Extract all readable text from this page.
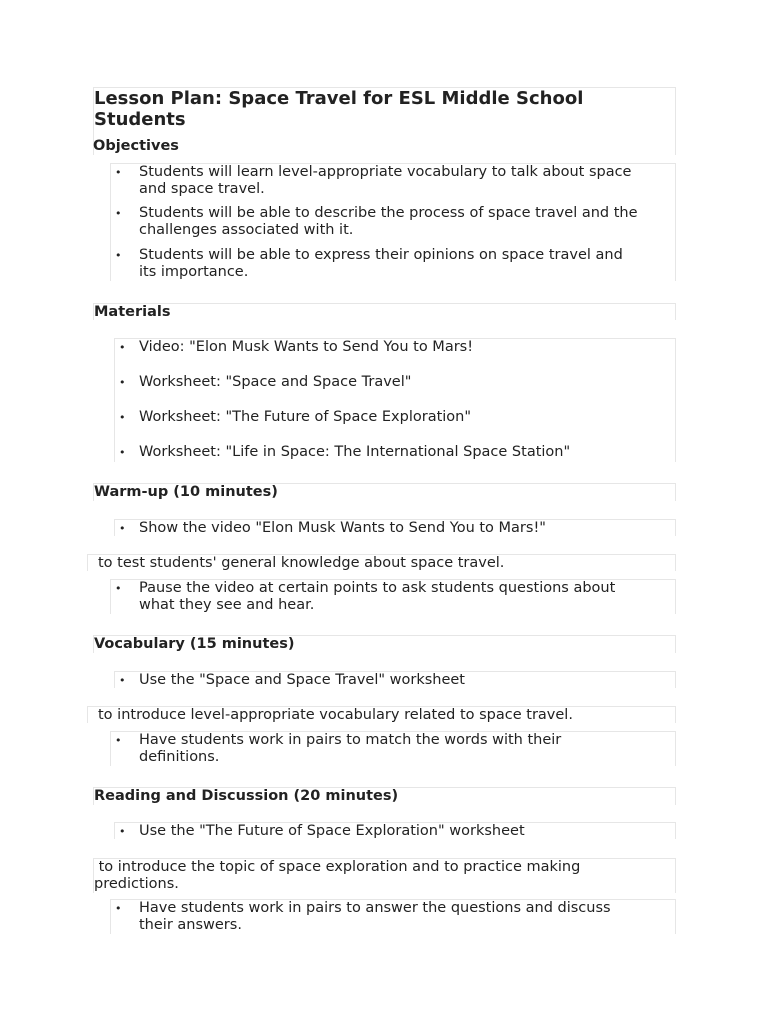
Lesson Plan: Space Travel for ESL Middle School
Students
Objectives
• Students will learn level-appropriate vocabulary to talk about space
and space travel.
• Students will be able to describe the process of space travel and the
challenges associated with it.
• Students will be able to express their opinions on space travel and
its importance.
Materials
• Video: "Elon Musk Wants to Send You to Mars!
• Worksheet: "Space and Space Travel"
• Worksheet: "The Future of Space Exploration"
• Worksheet: "Life in Space: The International Space Station"
Warm-up (10 minutes)
• Show the video "Elon Musk Wants to Send You to Mars!"
to test students' general knowledge about space travel.
• Pause the video at certain points to ask students questions about
what they see and hear.
Vocabulary (15 minutes)
• Use the "Space and Space Travel" worksheet
to introduce level-appropriate vocabulary related to space travel.
• Have students work in pairs to match the words with their
definitions.
Reading and Discussion (20 minutes)
• Use the "The Future of Space Exploration" worksheet
to introduce the topic of space exploration and to practice making
predictions.
• Have students work in pairs to answer the questions and discuss
their answers.
